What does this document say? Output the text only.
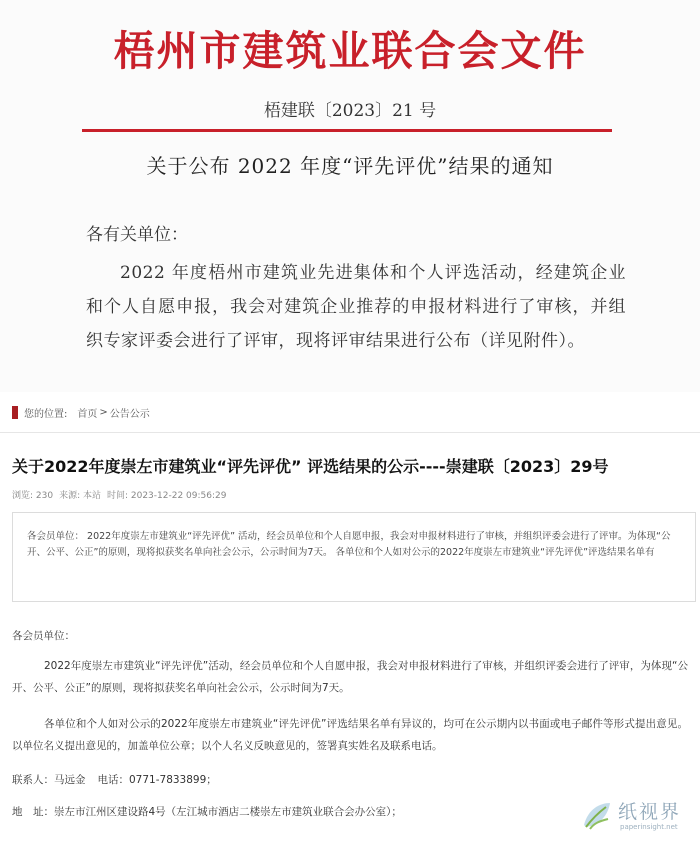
梧州市建筑业联合会文件
梧建联〔2023〕21 号
关于公布 2022 年度“评先评优”结果的通知
各有关单位：
2022 年度梧州市建筑业先进集体和个人评选活动，经建筑企业和个人自愿申报，我会对建筑企业推荐的申报材料进行了审核，并组织专家评委会进行了评审，现将评审结果进行公布（详见附件）。
您的位置: 首页 > 公告公示
关于2022年度崇左市建筑业“评先评优” 评选结果的公示----崇建联〔2023〕29号
浏览: 230 来源: 本站 时间: 2023-12-22 09:56:29
各会员单位： 2022年度崇左市建筑业“评先评优” 活动，经会员单位和个人自愿申报，我会对申报材料进行了审核，并组织评委会进行了评审。为体现“公开、公平、公正”的原则，现将拟获奖名单向社会公示，公示时间为7天。 各单位和个人如对公示的2022年度崇左市建筑业“评先评优”评选结果名单有
各会员单位：
2022年度崇左市建筑业“评先评优”活动，经会员单位和个人自愿申报，我会对申报材料进行了审核，并组织评委会进行了评审，为体现“公开、公平、公正”的原则，现将拟获奖名单向社会公示，公示时间为7天。
各单位和个人如对公示的2022年度崇左市建筑业“评先评优”评选结果名单有异议的，均可在公示期内以书面或电子邮件等形式提出意见。以单位名义提出意见的，加盖单位公章；以个人名义反映意见的，签署真实姓名及联系电话。
联系人：马远金 电话：0771-7833899；
地　址：崇左市江州区建设路4号（左江城市酒店二楼崇左市建筑业联合会办公室）；	纸视界
paperinsight.net
